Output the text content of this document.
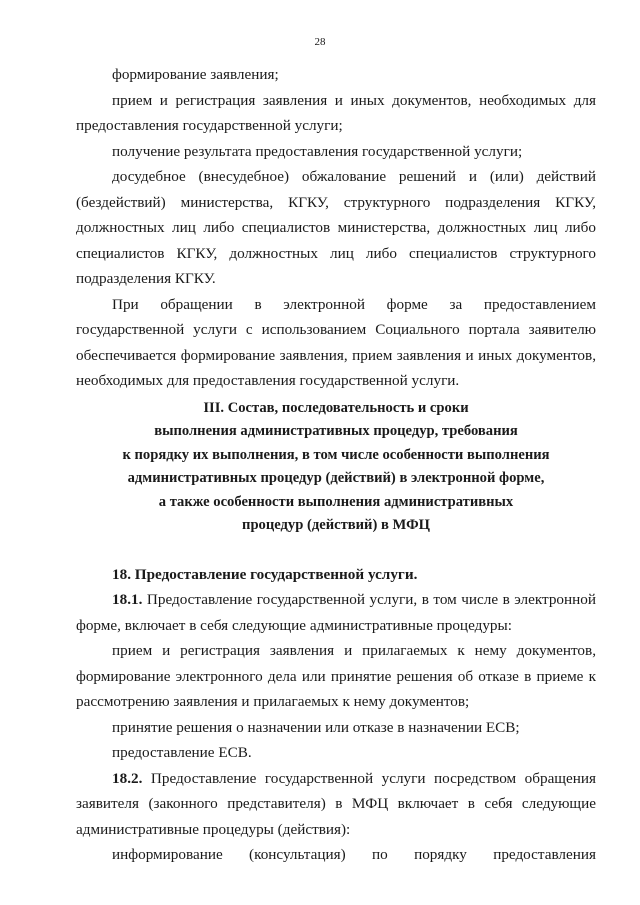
28

формирование заявления;

прием и регистрация заявления и иных документов, необходимых для предоставления государственной услуги;

получение результата предоставления государственной услуги;

досудебное (внесудебное) обжалование решений и (или) действий (бездействий) министерства, КГКУ, структурного подразделения КГКУ, должностных лиц либо специалистов министерства, должностных лиц либо специалистов КГКУ, должностных лиц либо специалистов структурного подразделения КГКУ.

При обращении в электронной форме за предоставлением государственной услуги с использованием Социального портала заявителю обеспечивается формирование заявления, прием заявления и иных документов, необходимых для предоставления государственной услуги.

III. Состав, последовательность и сроки
выполнения административных процедур, требования
к порядку их выполнения, в том числе особенности выполнения
административных процедур (действий) в электронной форме,
а также особенности выполнения административных
процедур (действий) в МФЦ

18. Предоставление государственной услуги.

18.1. Предоставление государственной услуги, в том числе в электронной форме, включает в себя следующие административные процедуры:

прием и регистрация заявления и прилагаемых к нему документов, формирование электронного дела или принятие решения об отказе в приеме к рассмотрению заявления и прилагаемых к нему документов;

принятие решения о назначении или отказе в назначении ЕСВ;

предоставление ЕСВ.

18.2. Предоставление государственной услуги посредством обращения заявителя (законного представителя) в МФЦ включает в себя следующие административные процедуры (действия):

информирование (консультация) по порядку предоставления
